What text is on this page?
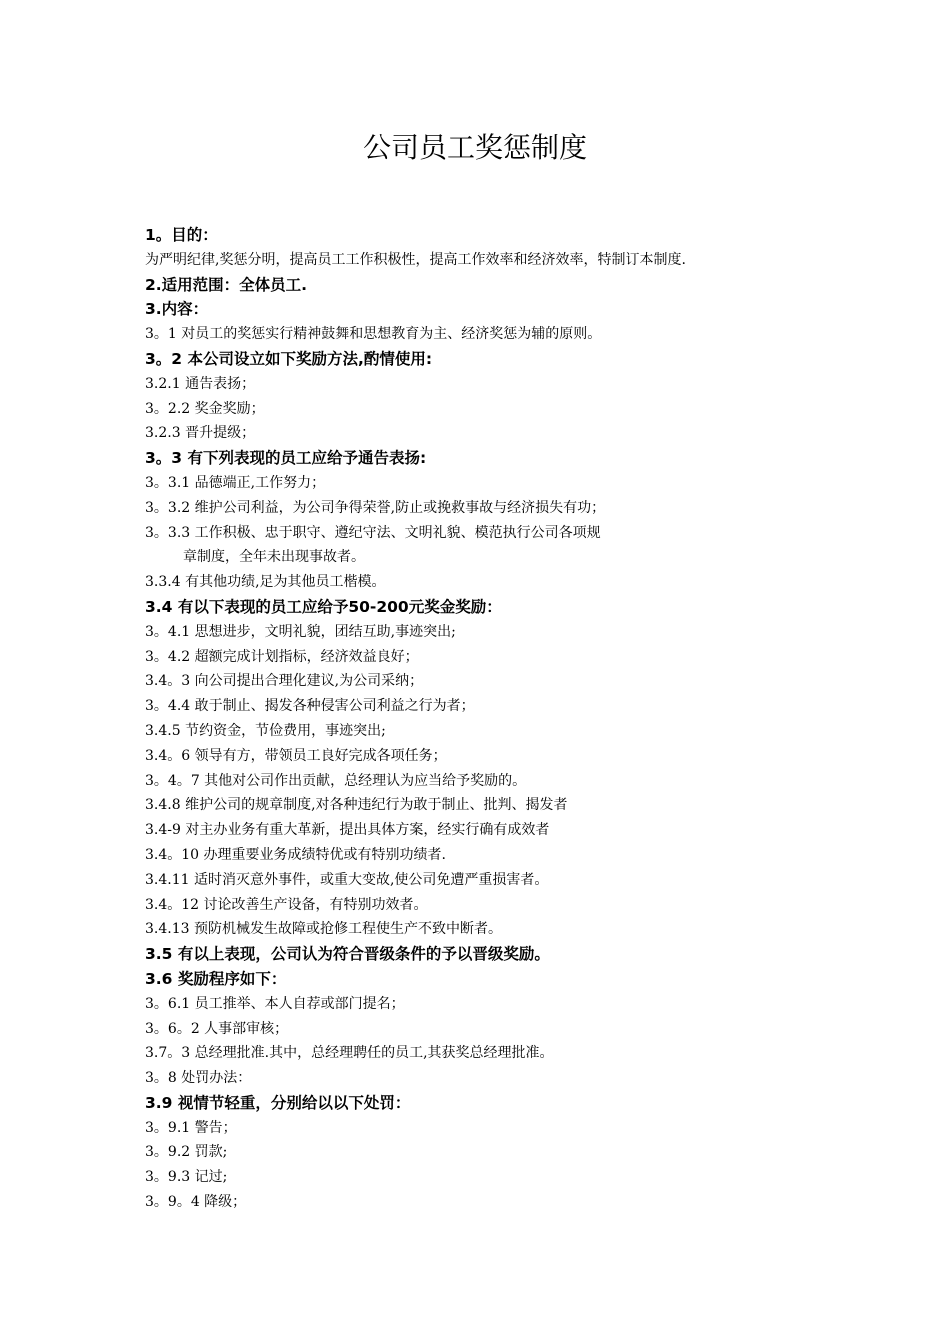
公司员工奖惩制度
1。目的：
为严明纪律,奖惩分明，提高员工工作积极性，提高工作效率和经济效率，特制订本制度.
2.适用范围：全体员工.
3.内容：
3。1 对员工的奖惩实行精神鼓舞和思想教育为主、经济奖惩为辅的原则。
3。2 本公司设立如下奖励方法,酌情使用:
3.2.1 通告表扬；
3。2.2 奖金奖励；
3.2.3 晋升提级；
3。3 有下列表现的员工应给予通告表扬:
3。3.1 品德端正,工作努力；
3。3.2 维护公司利益，为公司争得荣誉,防止或挽救事故与经济损失有功；
3。3.3 工作积极、忠于职守、遵纪守法、文明礼貌、模范执行公司各项规
章制度，全年未出现事故者。
3.3.4 有其他功绩,足为其他员工楷模。
3.4 有以下表现的员工应给予50-200元奖金奖励：
3。4.1 思想进步，文明礼貌，团结互助,事迹突出;
3。4.2 超额完成计划指标，经济效益良好；
3.4。3 向公司提出合理化建议,为公司采纳；
3。4.4 敢于制止、揭发各种侵害公司利益之行为者；
3.4.5 节约资金，节俭费用，事迹突出;
3.4。6 领导有方，带领员工良好完成各项任务；
3。4。7 其他对公司作出贡献，总经理认为应当给予奖励的。
3.4.8 维护公司的规章制度,对各种违纪行为敢于制止、批判、揭发者
3.4-9 对主办业务有重大革新，提出具体方案，经实行确有成效者
3.4。10 办理重要业务成绩特优或有特别功绩者.
3.4.11 适时消灭意外事件，或重大变故,使公司免遭严重损害者。
3.4。12 讨论改善生产设备，有特别功效者。
3.4.13 预防机械发生故障或抢修工程使生产不致中断者。
3.5 有以上表现，公司认为符合晋级条件的予以晋级奖励。
3.6 奖励程序如下：
3。6.1 员工推举、本人自荐或部门提名；
3。6。2 人事部审核；
3.7。3 总经理批准.其中，总经理聘任的员工,其获奖总经理批准。
3。8 处罚办法：
3.9 视情节轻重，分别给以以下处罚：
3。9.1 警告；
3。9.2 罚款;
3。9.3 记过;
3。9。4 降级；
